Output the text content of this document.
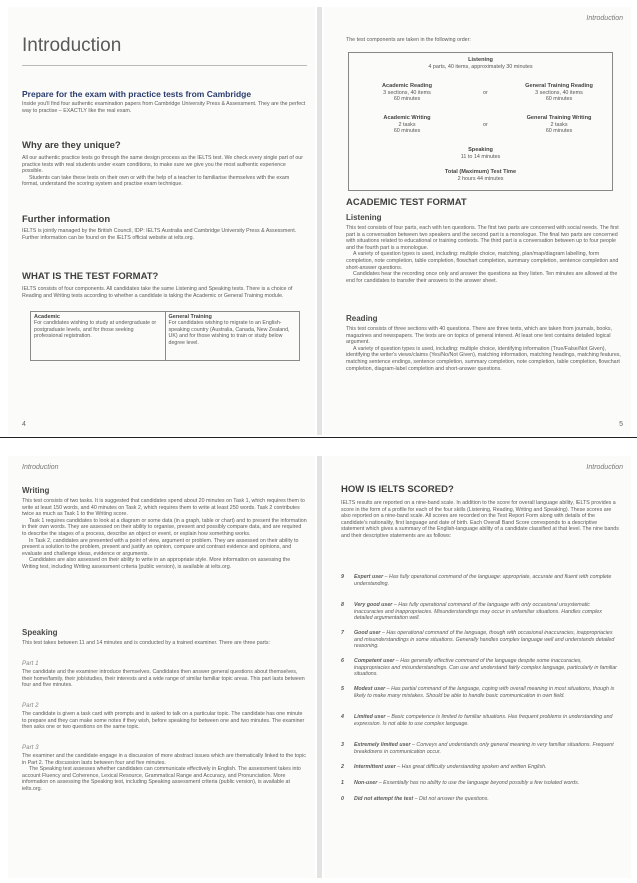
Introduction
Prepare for the exam with practice tests from Cambridge
Inside you'll find four authentic examination papers from Cambridge University Press & Assessment. They are the perfect way to practise – EXACTLY like the real exam.
Why are they unique?

All our authentic practice tests go through the same design process as the IELTS test. We check every single part of our practice tests with real students under exam conditions, to make sure we give you the most authentic experience possible.

Students can take these tests on their own or with the help of a teacher to familiarise themselves with the exam format, understand the scoring system and practise exam technique.

Further information
IELTS is jointly managed by the British Council, IDP: IELTS Australia and Cambridge University Press & Assessment. Further information can be found on the IELTS official website at ielts.org.
WHAT IS THE TEST FORMAT?
IELTS consists of four components. All candidates take the same Listening and Speaking tests. There is a choice of Reading and Writing tests according to whether a candidate is taking the Academic or General Training module.
Academic
For candidates wishing to study at undergraduate or postgraduate levels, and for those seeking professional registration.
General Training
For candidates wishing to migrate to an English-speaking country (Australia, Canada, New Zealand, UK) and for those wishing to train or study below degree level.
4
Introduction
The test components are taken in the following order:
Listening
4 parts, 40 items, approximately 30 minutes
Academic Reading
3 sections, 40 items
60 minutes
or
General Training Reading
3 sections, 40 items
60 minutes
Academic Writing
2 tasks
60 minutes
or
General Training Writing
2 tasks
60 minutes
Speaking
11 to 14 minutes
Total (Maximum) Test Time
2 hours 44 minutes
ACADEMIC TEST FORMAT
Listening

This test consists of four parts, each with ten questions. The first two parts are concerned with social needs. The first part is a conversation between two speakers and the second part is a monologue. The final two parts are concerned with situations related to educational or training contexts. The third part is a conversation between up to four people and the fourth part is a monologue.

A variety of question types is used, including: multiple choice, matching, plan/map/diagram labelling, form completion, note completion, table completion, flowchart completion, summary completion, sentence completion and short-answer questions.

Candidates hear the recording once only and answer the questions as they listen. Ten minutes are allowed at the end for candidates to transfer their answers to the answer sheet.

Reading

This test consists of three sections with 40 questions. There are three texts, which are taken from journals, books, magazines and newspapers. The texts are on topics of general interest. At least one text contains detailed logical argument.

A variety of question types is used, including: multiple choice, identifying information (True/False/Not Given), identifying the writer's views/claims (Yes/No/Not Given), matching information, matching headings, matching features, matching sentence endings, sentence completion, summary completion, note completion, table completion, flowchart completion, diagram-label completion and short-answer questions.

5
Introduction
Writing

This test consists of two tasks. It is suggested that candidates spend about 20 minutes on Task 1, which requires them to write at least 150 words, and 40 minutes on Task 2, which requires them to write at least 250 words. Task 2 contributes twice as much as Task 1 to the Writing score.

Task 1 requires candidates to look at a diagram or some data (in a graph, table or chart) and to present the information in their own words. They are assessed on their ability to organise, present and possibly compare data, and are required to describe the stages of a process, describe an object or event, or explain how something works.

In Task 2, candidates are presented with a point of view, argument or problem. They are assessed on their ability to present a solution to the problem, present and justify an opinion, compare and contrast evidence and opinions, and evaluate and challenge ideas, evidence or arguments.

Candidates are also assessed on their ability to write in an appropriate style. More information on assessing the Writing test, including Writing assessment criteria (public version), is available at ielts.org.

Speaking
This test takes between 11 and 14 minutes and is conducted by a trained examiner. There are three parts:
Part 1
The candidate and the examiner introduce themselves. Candidates then answer general questions about themselves, their home/family, their job/studies, their interests and a wide range of similar familiar topic areas. This part lasts between four and five minutes.
Part 2
The candidate is given a task card with prompts and is asked to talk on a particular topic. The candidate has one minute to prepare and they can make some notes if they wish, before speaking for between one and two minutes. The examiner then asks one or two questions on the same topic.
Part 3

The examiner and the candidate engage in a discussion of more abstract issues which are thematically linked to the topic in Part 2. The discussion lasts between four and five minutes.

The Speaking test assesses whether candidates can communicate effectively in English. The assessment takes into account Fluency and Coherence, Lexical Resource, Grammatical Range and Accuracy, and Pronunciation. More information on assessing the Speaking test, including Speaking assessment criteria (public version), is available at ielts.org.

Introduction
HOW IS IELTS SCORED?
IELTS results are reported on a nine-band scale. In addition to the score for overall language ability, IELTS provides a score in the form of a profile for each of the four skills (Listening, Reading, Writing and Speaking). These scores are also reported on a nine-band scale. All scores are recorded on the Test Report Form along with details of the candidate's nationality, first language and date of birth. Each Overall Band Score corresponds to a descriptive statement which gives a summary of the English-language ability of a candidate classified at that level. The nine bands and their descriptive statements are as follows:
9 Expert user – Has fully operational command of the language: appropriate, accurate and fluent with complete understanding.
8 Very good user – Has fully operational command of the language with only occasional unsystematic inaccuracies and inappropriacies. Misunderstandings may occur in unfamiliar situations. Handles complex detailed argumentation well.
7 Good user – Has operational command of the language, though with occasional inaccuracies, inappropriacies and misunderstandings in some situations. Generally handles complex language well and understands detailed reasoning.
6 Competent user – Has generally effective command of the language despite some inaccuracies, inappropriacies and misunderstandings. Can use and understand fairly complex language, particularly in familiar situations.
5 Modest user – Has partial command of the language, coping with overall meaning in most situations, though is likely to make many mistakes. Should be able to handle basic communication in own field.
4 Limited user – Basic competence is limited to familiar situations. Has frequent problems in understanding and expression. Is not able to use complex language.
3 Extremely limited user – Conveys and understands only general meaning in very familiar situations. Frequent breakdowns in communication occur.
2 Intermittent user – Has great difficulty understanding spoken and written English.
1 Non-user – Essentially has no ability to use the language beyond possibly a few isolated words.
0 Did not attempt the test – Did not answer the questions.
